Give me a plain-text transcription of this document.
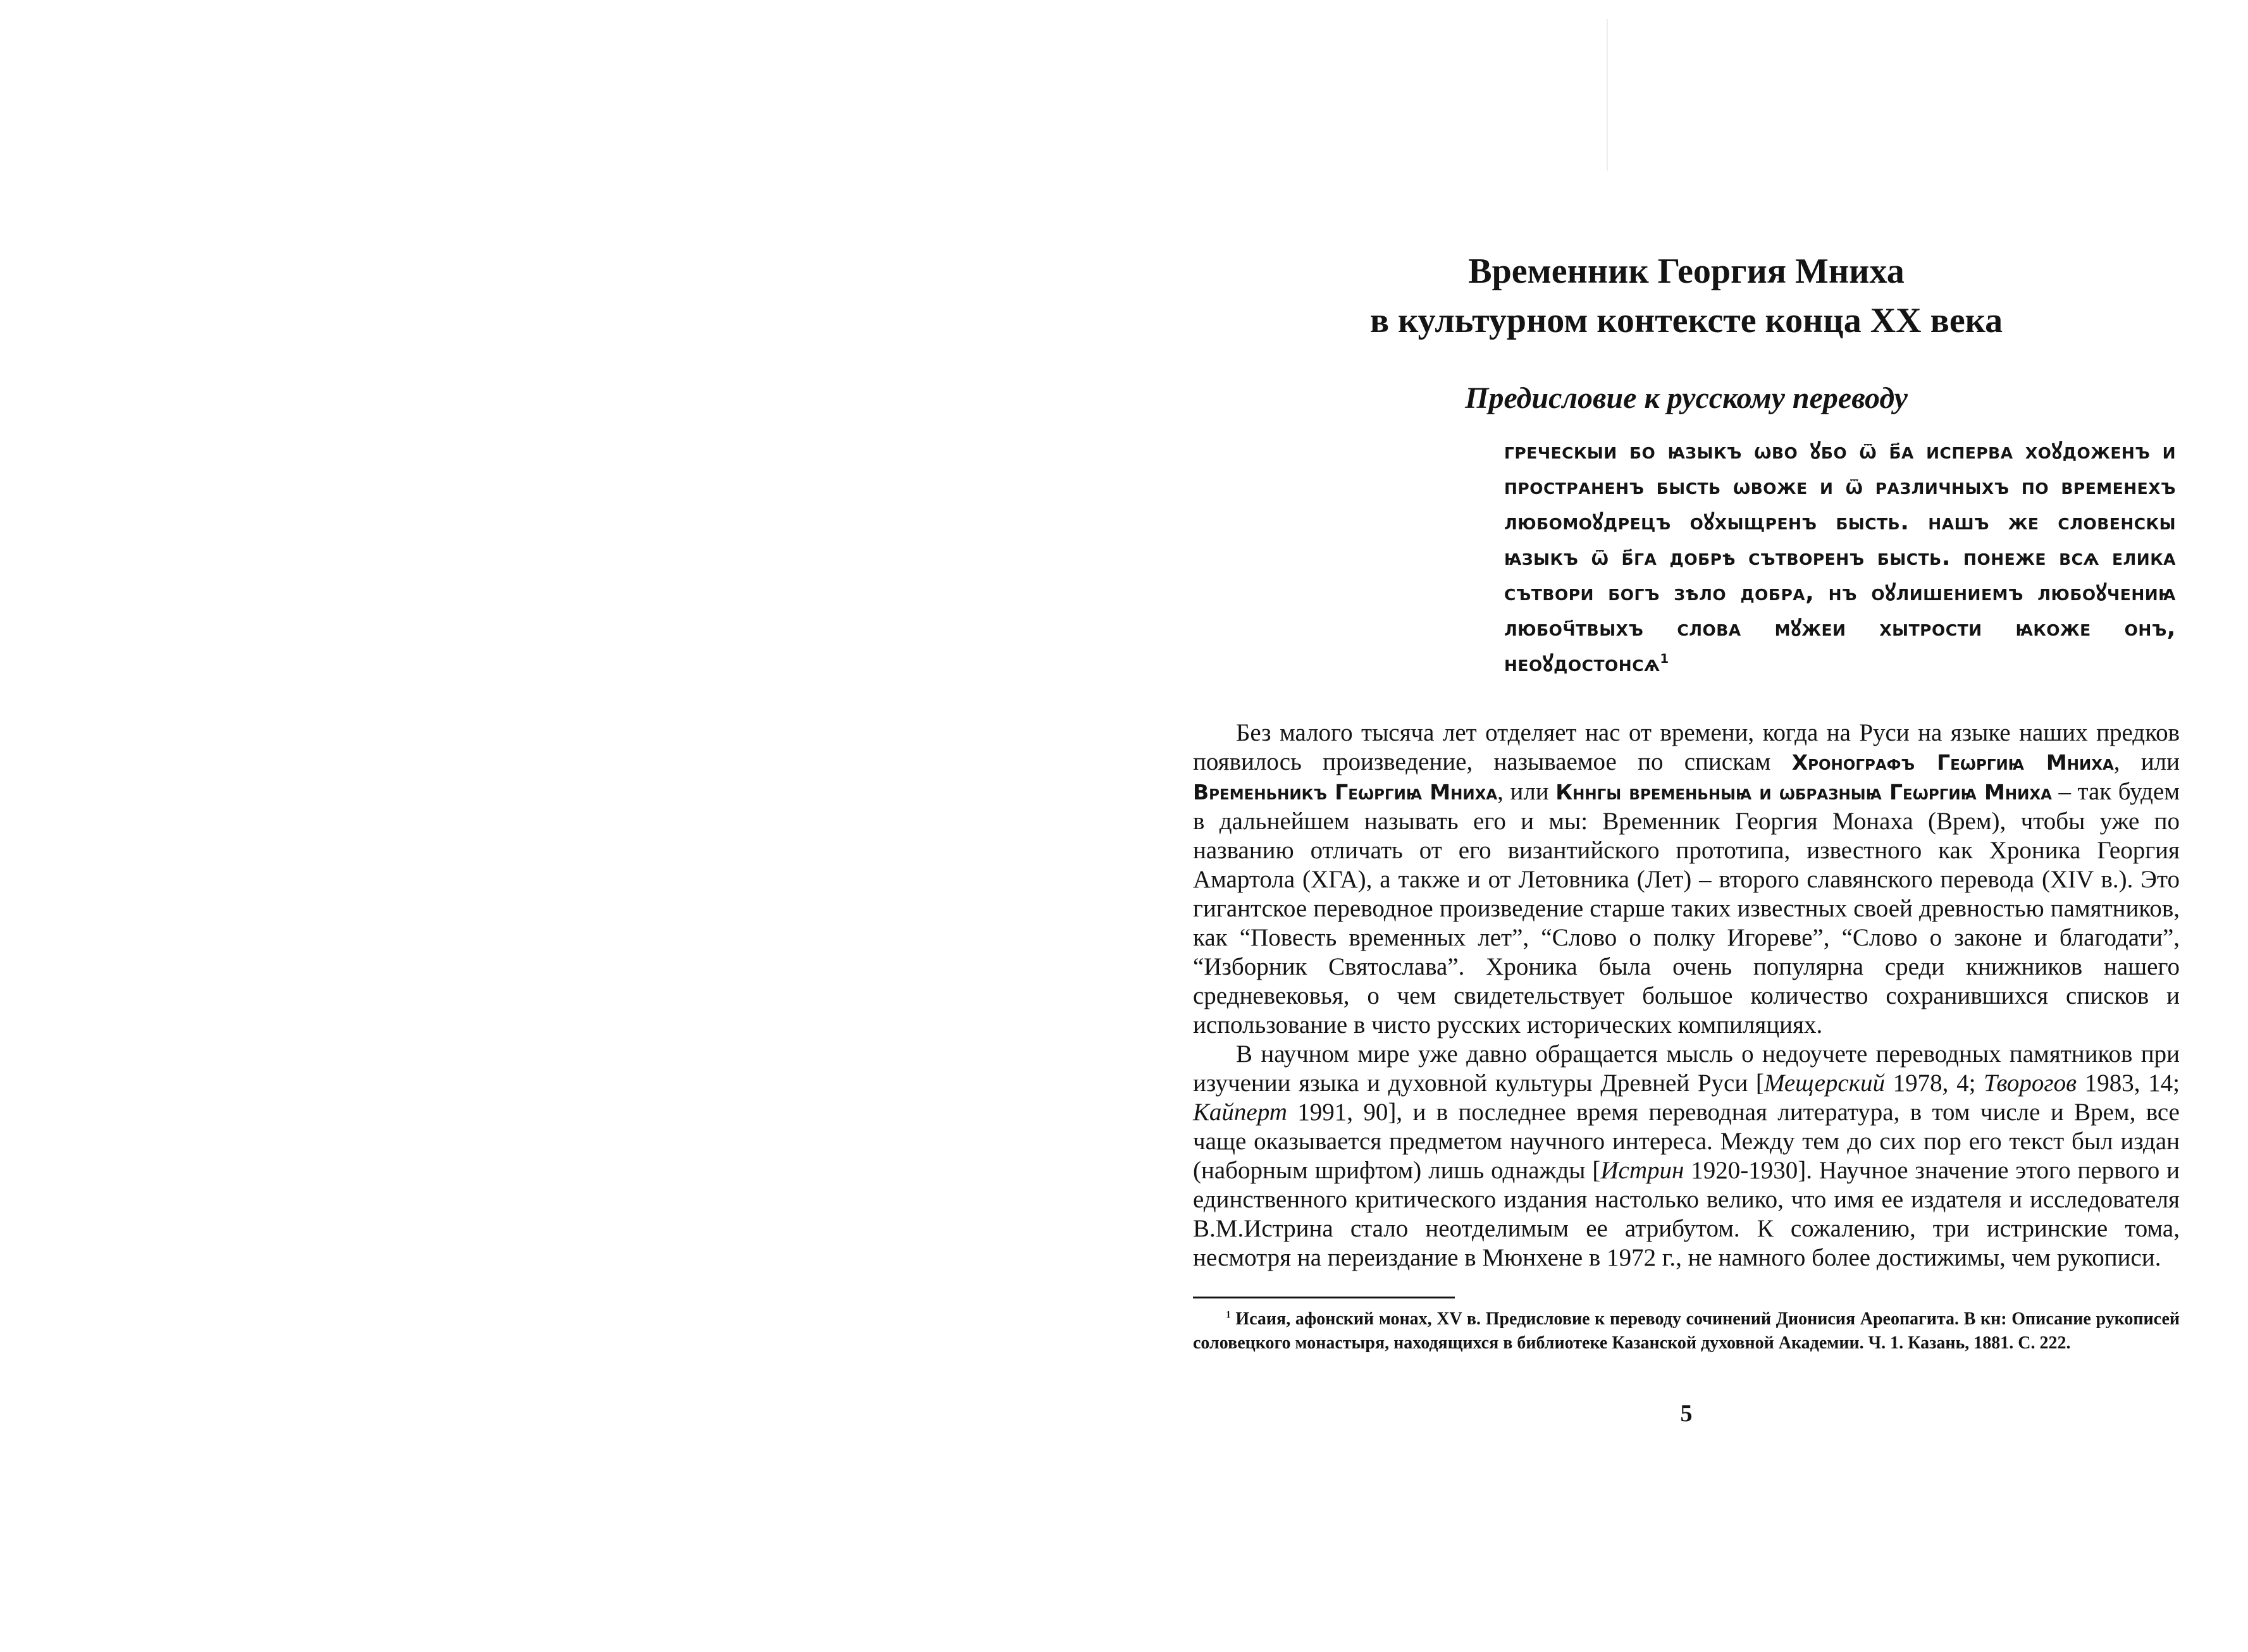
Временник Георгия Мниха
в культурном контексте конца XX века
Предисловие к русскому переводу
греческыи бо ꙗзыкъ ѡво ꙋбо ѿ б҃а испервa хоꙋдоженъ и пространенъ бысть ѡвоже и ѿ различныхъ по временехъ любомоꙋдрецъ оꙋхыщренъ бысть. нашъ же словенскы ꙗзыкъ ѿ б҃га добрѣ сътворенъ бысть. понеже всѧ елика сътвори богъ зѣло добра, нъ оꙋлишениемъ любоꙋчениꙗ любоч҃твыхъ слова мꙋжеи хытрости ꙗкоже онъ, неоꙋдостонсѧ$^1$

Без малого тысяча лет отделяет нас от времени, когда на Руси на языке наших предков появилось произведение, называемое по спискам Хронографъ Геѡргиꙗ Мниха, или Временьникъ Геѡргиꙗ Мниха, или Кннгы временьныꙗ и ѡбразныꙗ Геѡргиꙗ Мниха – так будем в дальнейшем называть его и мы: Временник Георгия Монаха (Врем), чтобы уже по названию отличать от его византийского прототипа, известного как Хроника Георгия Амартола (ХГА), а также и от Летовника (Лет) – второго славянского перевода (XIV в.). Это гигантское переводное произведение старше таких известных своей древностью памятников, как “Повесть временных лет”, “Слово о полку Игореве”, “Слово о законе и благодати”, “Изборник Святослава”. Хроника была очень популярна среди книжников нашего средневековья, о чем свидетельствует большое количество сохранившихся списков и использование в чисто русских исторических компиляциях.

В научном мире уже давно обращается мысль о недоучете переводных памятников при изучении языка и духовной культуры Древней Руси [Мещерский 1978, 4; Творогов 1983, 14; Кайперт 1991, 90], и в последнее время переводная литература, в том числе и Врем, все чаще оказывается предметом научного интереса. Между тем до сих пор его текст был издан (наборным шрифтом) лишь однажды [Истрин 1920-1930]. Научное значение этого первого и единственного критического издания настолько велико, что имя ее издателя и исследователя В.М.Истрина стало неотделимым ее атрибутом. К сожалению, три истринские тома, несмотря на переиздание в Мюнхене в 1972 г., не намного более достижимы, чем рукописи.

$^1$ Исаия, афонский монах, XV в. Предисловие к переводу сочинений Дионисия Ареопагита. В кн: Описание рукописей соловецкого монастыря, находящихся в библиотеке Казанской духовной Академии. Ч. 1. Казань, 1881. С. 222.

5
